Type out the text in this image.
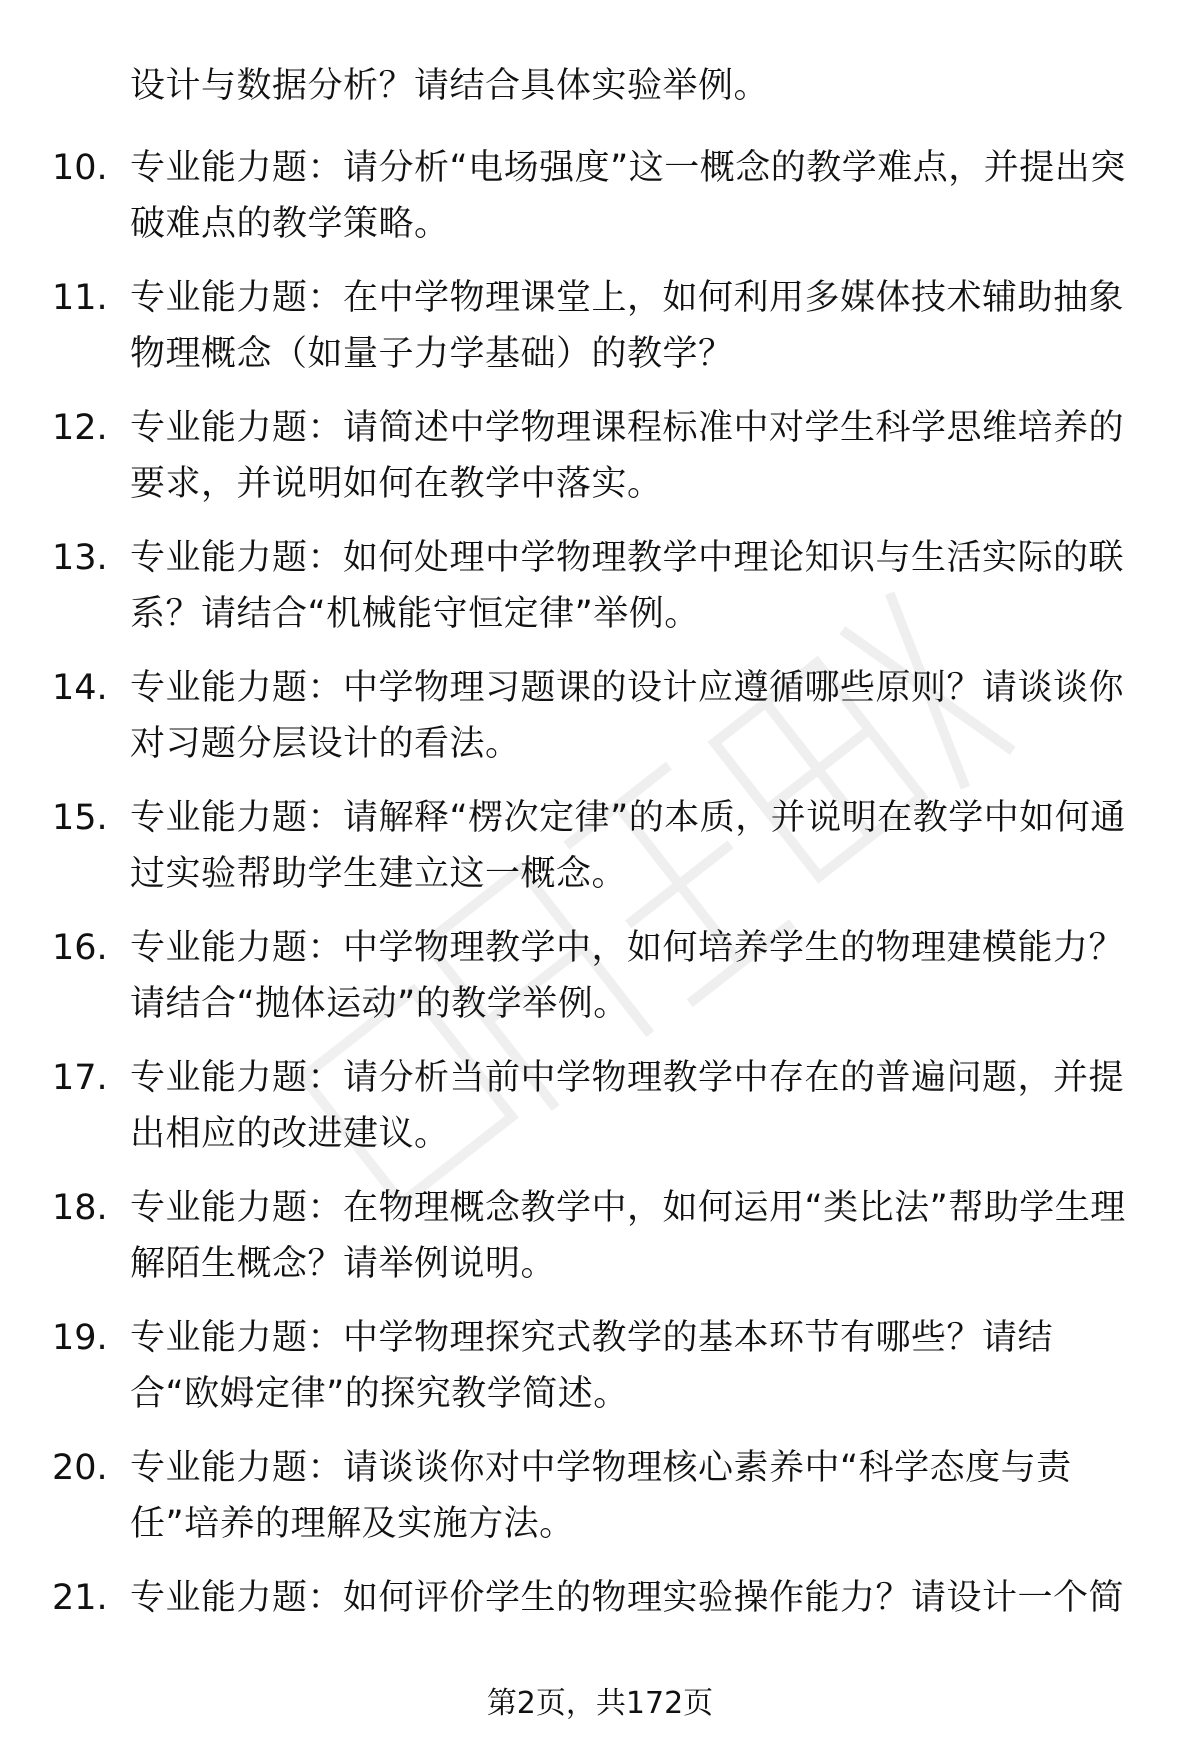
设计与数据分析？请结合具体实验举例。
10. 专业能力题：请分析“电场强度”这一概念的教学难点，并提出突破难点的教学策略。
11. 专业能力题：在中学物理课堂上，如何利用多媒体技术辅助抽象物理概念（如量子力学基础）的教学？
12. 专业能力题：请简述中学物理课程标准中对学生科学思维培养的要求，并说明如何在教学中落实。
13. 专业能力题：如何处理中学物理教学中理论知识与生活实际的联系？请结合“机械能守恒定律”举例。
14. 专业能力题：中学物理习题课的设计应遵循哪些原则？请谈谈你对习题分层设计的看法。
15. 专业能力题：请解释“楞次定律”的本质，并说明在教学中如何通过实验帮助学生建立这一概念。
16. 专业能力题：中学物理教学中，如何培养学生的物理建模能力？请结合“抛体运动”的教学举例。
17. 专业能力题：请分析当前中学物理教学中存在的普遍问题，并提出相应的改进建议。
18. 专业能力题：在物理概念教学中，如何运用“类比法”帮助学生理解陌生概念？请举例说明。
19. 专业能力题：中学物理探究式教学的基本环节有哪些？请结合“欧姆定律”的探究教学简述。
20. 专业能力题：请谈谈你对中学物理核心素养中“科学态度与责任”培养的理解及实施方法。
21. 专业能力题：如何评价学生的物理实验操作能力？请设计一个简
第2页，共172页
